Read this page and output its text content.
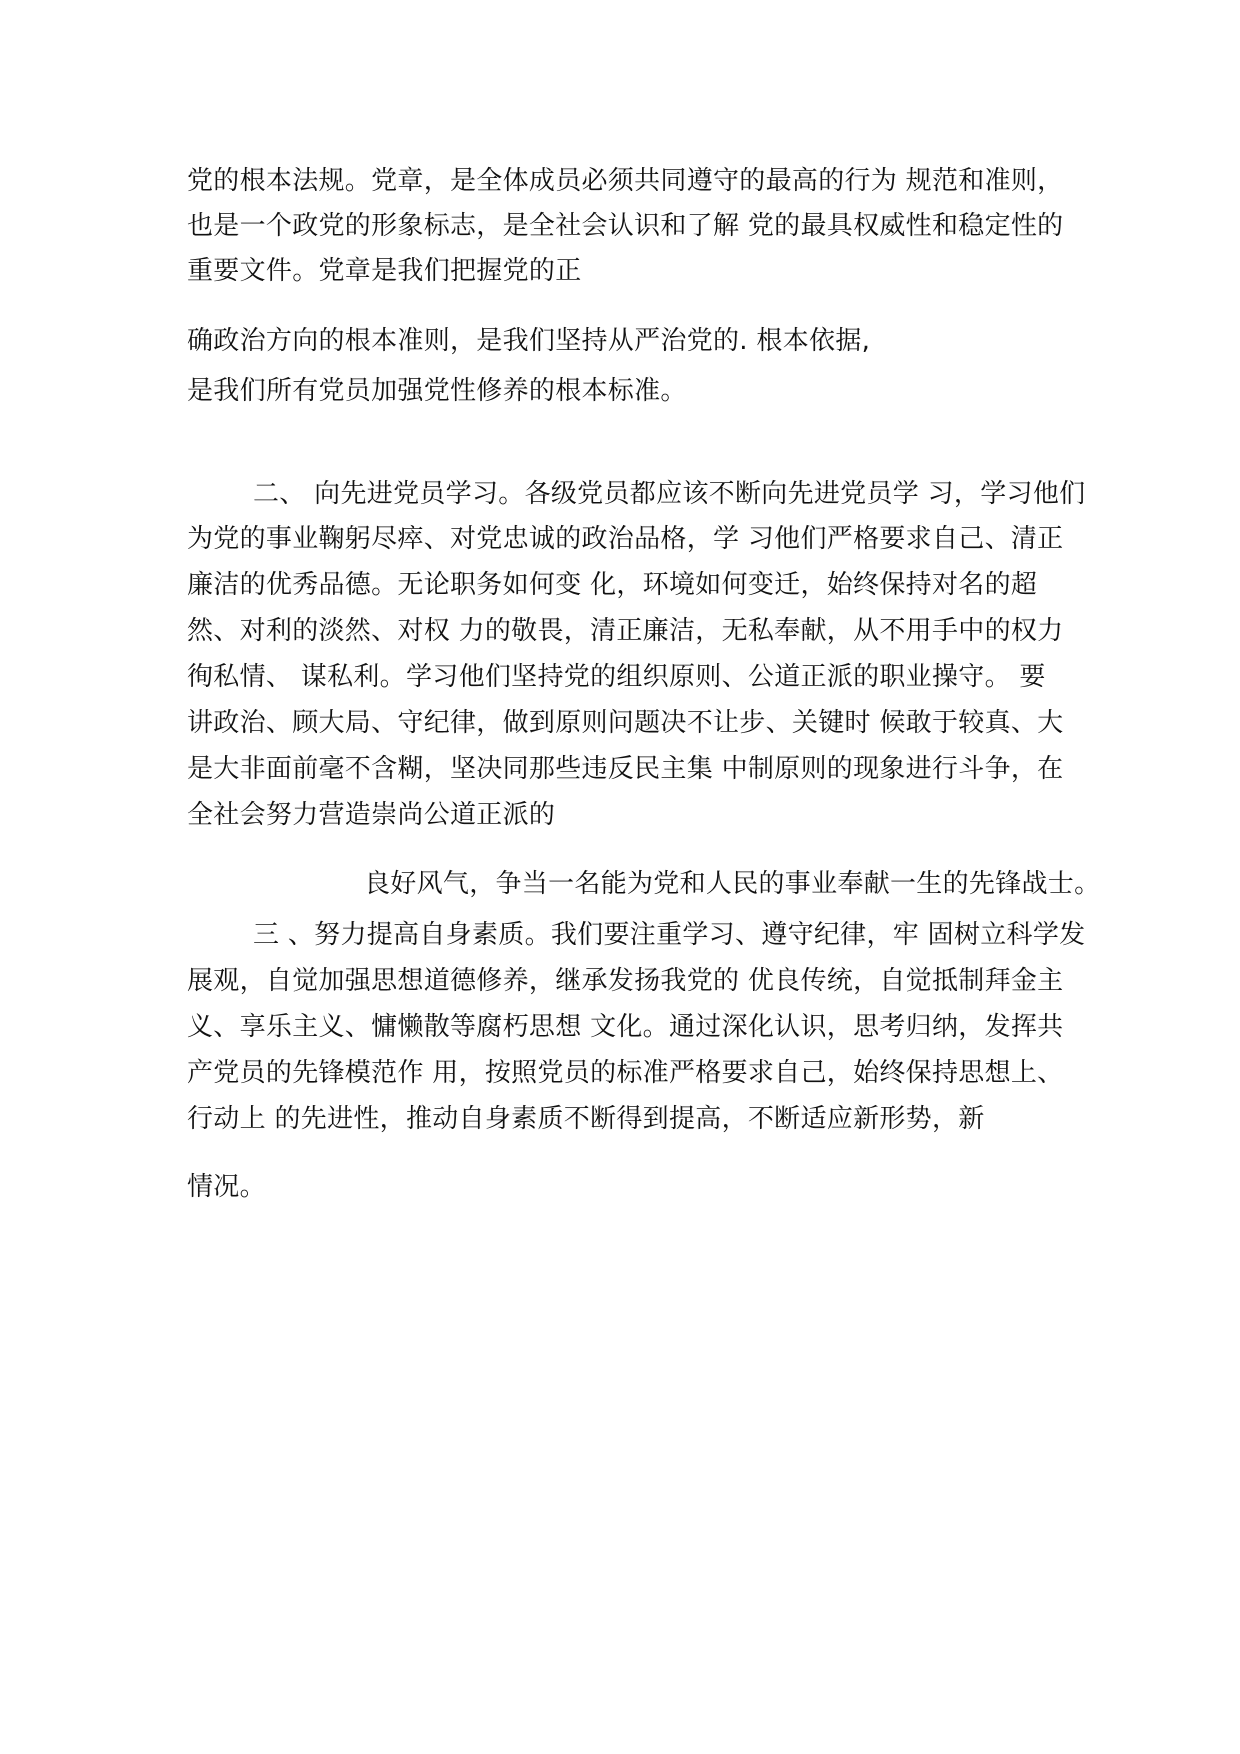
党的根本法规。党章，是全体成员必须共同遵守的最高的行为 规范和准则，
也是一个政党的形象标志，是全社会认识和了解 党的最具权威性和稳定性的
重要文件。党章是我们把握党的正
确政治方向的根本准则，是我们坚持从严治党的. 根本依据,
是我们所有党员加强党性修养的根本标准。
二、 向先进党员学习。各级党员都应该不断向先进党员学 习，学习他们
为党的事业鞠躬尽瘁、对党忠诚的政治品格，学 习他们严格要求自己、清正
廉洁的优秀品德。无论职务如何变 化，环境如何变迁，始终保持对名的超
然、对利的淡然、对权 力的敬畏，清正廉洁，无私奉献，从不用手中的权力
徇私情、 谋私利。学习他们坚持党的组织原则、公道正派的职业操守。 要
讲政治、顾大局、守纪律，做到原则问题决不让步、关键时 候敢于较真、大
是大非面前毫不含糊，坚决同那些违反民主集 中制原则的现象进行斗争，在
全社会努力营造崇尚公道正派的
良好风气，争当一名能为党和人民的事业奉献一生的先锋战士。
三 、努力提高自身素质。我们要注重学习、遵守纪律，牢 固树立科学发
展观，自觉加强思想道德修养，继承发扬我党的 优良传统，自觉抵制拜金主
义、享乐主义、慵懒散等腐朽思想 文化。通过深化认识，思考归纳，发挥共
产党员的先锋模范作 用，按照党员的标准严格要求自己，始终保持思想上、
行动上 的先进性，推动自身素质不断得到提高，不断适应新形势，新
情况。
